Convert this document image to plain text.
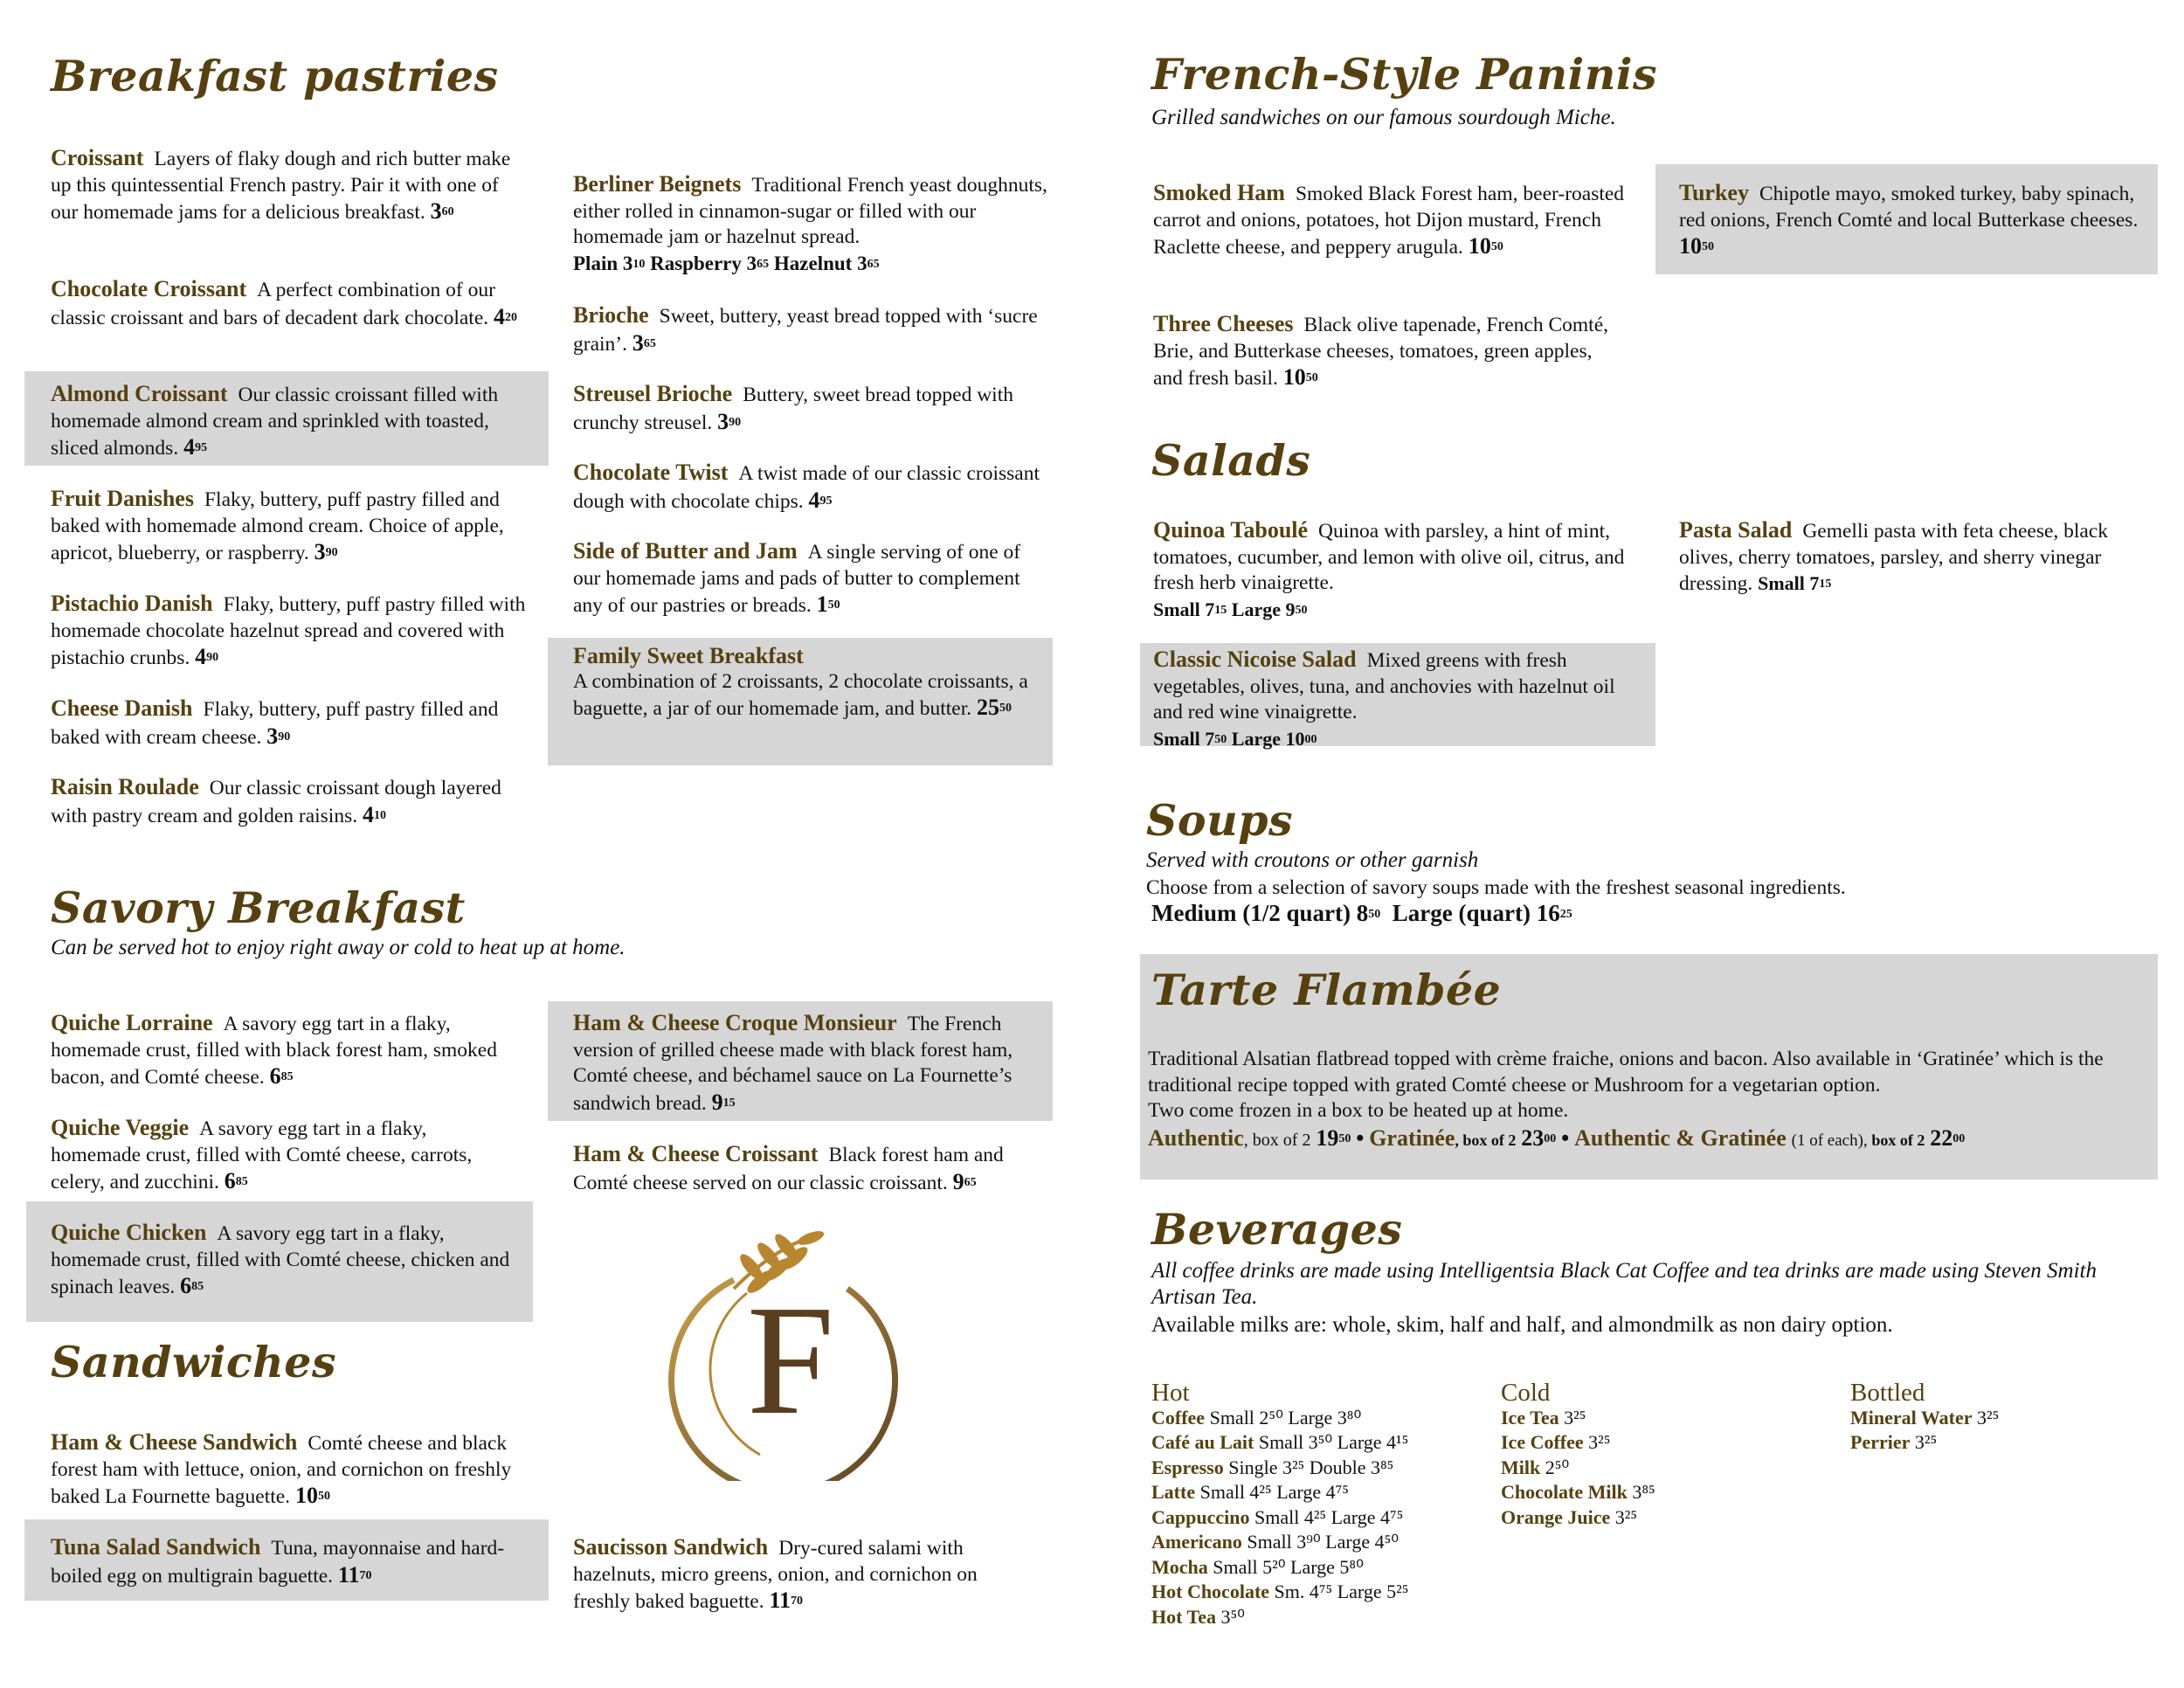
Breakfast pastries
Croissant Layers of flaky dough and rich butter make up this quintessential French pastry. Pair it with one of our homemade jams for a delicious breakfast. $3^{60}$
Chocolate Croissant A perfect combination of our classic croissant and bars of decadent dark chocolate. $4^{20}$
Almond Croissant Our classic croissant filled with homemade almond cream and sprinkled with toasted, sliced almonds. $4^{95}$
Fruit Danishes Flaky, buttery, puff pastry filled and baked with homemade almond cream. Choice of apple, apricot, blueberry, or raspberry. $3^{90}$
Pistachio Danish Flaky, buttery, puff pastry filled with homemade chocolate hazelnut spread and covered with pistachio crunbs. $4^{90}$
Cheese Danish Flaky, buttery, puff pastry filled and baked with cream cheese. $3^{90}$
Raisin Roulade Our classic croissant dough layered with pastry cream and golden raisins. $4^{10}$
Berliner Beignets Traditional French yeast doughnuts, either rolled in cinnamon-sugar or filled with our homemade jam or hazelnut spread.
Plain $3^{10}$ Raspberry $3^{65}$ Hazelnut $3^{65}$
Brioche Sweet, buttery, yeast bread topped with ‘sucre grain’. $3^{65}$
Streusel Brioche Buttery, sweet bread topped with crunchy streusel. $3^{90}$
Chocolate Twist A twist made of our classic croissant dough with chocolate chips. $4^{95}$
Side of Butter and Jam A single serving of one of our homemade jams and pads of butter to complement any of our pastries or breads. $1^{50}$
Family Sweet Breakfast
A combination of 2 croissants, 2 chocolate croissants, a baguette, a jar of our homemade jam, and butter. $25^{50}$
Savory Breakfast
Can be served hot to enjoy right away or cold to heat up at home.
Quiche Lorraine A savory egg tart in a flaky, homemade crust, filled with black forest ham, smoked bacon, and Comté cheese. $6^{85}$
Quiche Veggie A savory egg tart in a flaky, homemade crust, filled with Comté cheese, carrots, celery, and zucchini. $6^{85}$
Quiche Chicken A savory egg tart in a flaky, homemade crust, filled with Comté cheese, chicken and spinach leaves. $6^{85}$
Ham & Cheese Croque Monsieur The French version of grilled cheese made with black forest ham, Comté cheese, and béchamel sauce on La Fournette’s sandwich bread. $9^{15}$
Ham & Cheese Croissant Black forest ham and Comté cheese served on our classic croissant. $9^{65}$
F
Sandwiches
Ham & Cheese Sandwich Comté cheese and black forest ham with lettuce, onion, and cornichon on freshly baked La Fournette baguette. $10^{50}$
Tuna Salad Sandwich Tuna, mayonnaise and hard-boiled egg on multigrain baguette. $11^{70}$
Saucisson Sandwich Dry-cured salami with hazelnuts, micro greens, onion, and cornichon on freshly baked baguette. $11^{70}$
French-Style Paninis
Grilled sandwiches on our famous sourdough Miche.
Smoked Ham Smoked Black Forest ham, beer-roasted carrot and onions, potatoes, hot Dijon mustard, French Raclette cheese, and peppery arugula. $10^{50}$
Three Cheeses Black olive tapenade, French Comté, Brie, and Butterkase cheeses, tomatoes, green apples, and fresh basil. $10^{50}$
Turkey Chipotle mayo, smoked turkey, baby spinach, red onions, French Comté and local Butterkase cheeses. $10^{50}$
Salads
Quinoa Taboulé Quinoa with parsley, a hint of mint, tomatoes, cucumber, and lemon with olive oil, citrus, and fresh herb vinaigrette.
Small $7^{15}$ Large $9^{50}$
Classic Nicoise Salad Mixed greens with fresh vegetables, olives, tuna, and anchovies with hazelnut oil and red wine vinaigrette.
Small $7^{50}$ Large $10^{00}$
Pasta Salad Gemelli pasta with feta cheese, black olives, cherry tomatoes, parsley, and sherry vinegar dressing. Small $7^{15}$
Soups
Served with croutons or other garnish
Choose from a selection of savory soups made with the freshest seasonal ingredients.
Medium (1/2 quart) $8^{50}$ Large (quart) $16^{25}$
Tarte Flambée
Traditional Alsatian flatbread topped with crème fraiche, onions and bacon. Also available in ‘Gratinée’ which is the traditional recipe topped with grated Comté cheese or Mushroom for a vegetarian option.
Two come frozen in a box to be heated up at home.
Authentic, box of 2 $19^{50}$ • Gratinée, box of 2 $23^{00}$ • Authentic & Gratinée (1 of each), box of 2 $22^{00}$
Beverages
All coffee drinks are made using Intelligentsia Black Cat Coffee and tea drinks are made using Steven Smith Artisan Tea.
Available milks are: whole, skim, half and half, and almondmilk as non dairy option.
Hot
Coffee Small 2⁵⁰ Large 3⁸⁰
Café au Lait Small 3⁵⁰ Large 4¹⁵
Espresso Single 3²⁵ Double 3⁸⁵
Latte Small 4²⁵ Large 4⁷⁵
Cappuccino Small 4²⁵ Large 4⁷⁵
Americano Small 3⁹⁰ Large 4⁵⁰
Mocha Small 5²⁰ Large 5⁸⁰
Hot Chocolate Sm. 4⁷⁵ Large 5²⁵
Hot Tea 3⁵⁰
Cold
Ice Tea 3²⁵
Ice Coffee 3²⁵
Milk 2⁵⁰
Chocolate Milk 3⁸⁵
Orange Juice 3²⁵
Bottled
Mineral Water 3²⁵
Perrier 3²⁵
